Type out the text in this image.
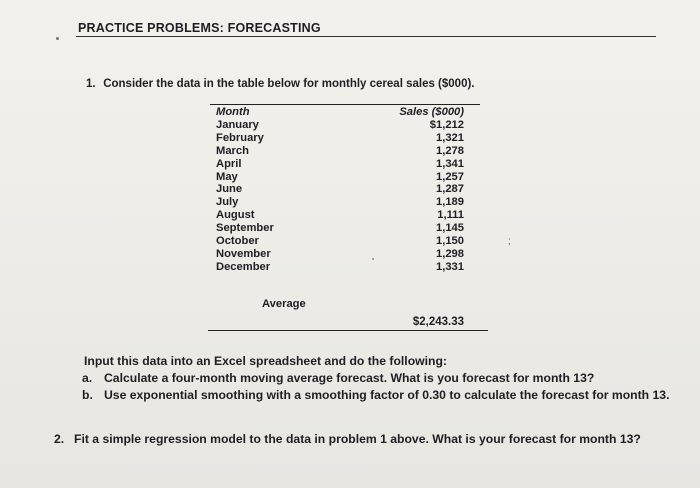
PRACTICE PROBLEMS: FORECASTING
1. Consider the data in the table below for monthly cereal sales ($000).
Month
January
February
March
April
May
June
July
August
September
October
November
December
Sales ($000)
$1,212
1,321
1,278
1,341
1,257
1,287
1,189
1,111
1,145
1,150
1,298
1,331
;
Average
$2,243.33
Input this data into an Excel spreadsheet and do the following:
a. Calculate a four-month moving average forecast. What is you forecast for month 13?
b. Use exponential smoothing with a smoothing factor of 0.30 to calculate the forecast for month 13.
2. Fit a simple regression model to the data in problem 1 above. What is your forecast for month 13?
